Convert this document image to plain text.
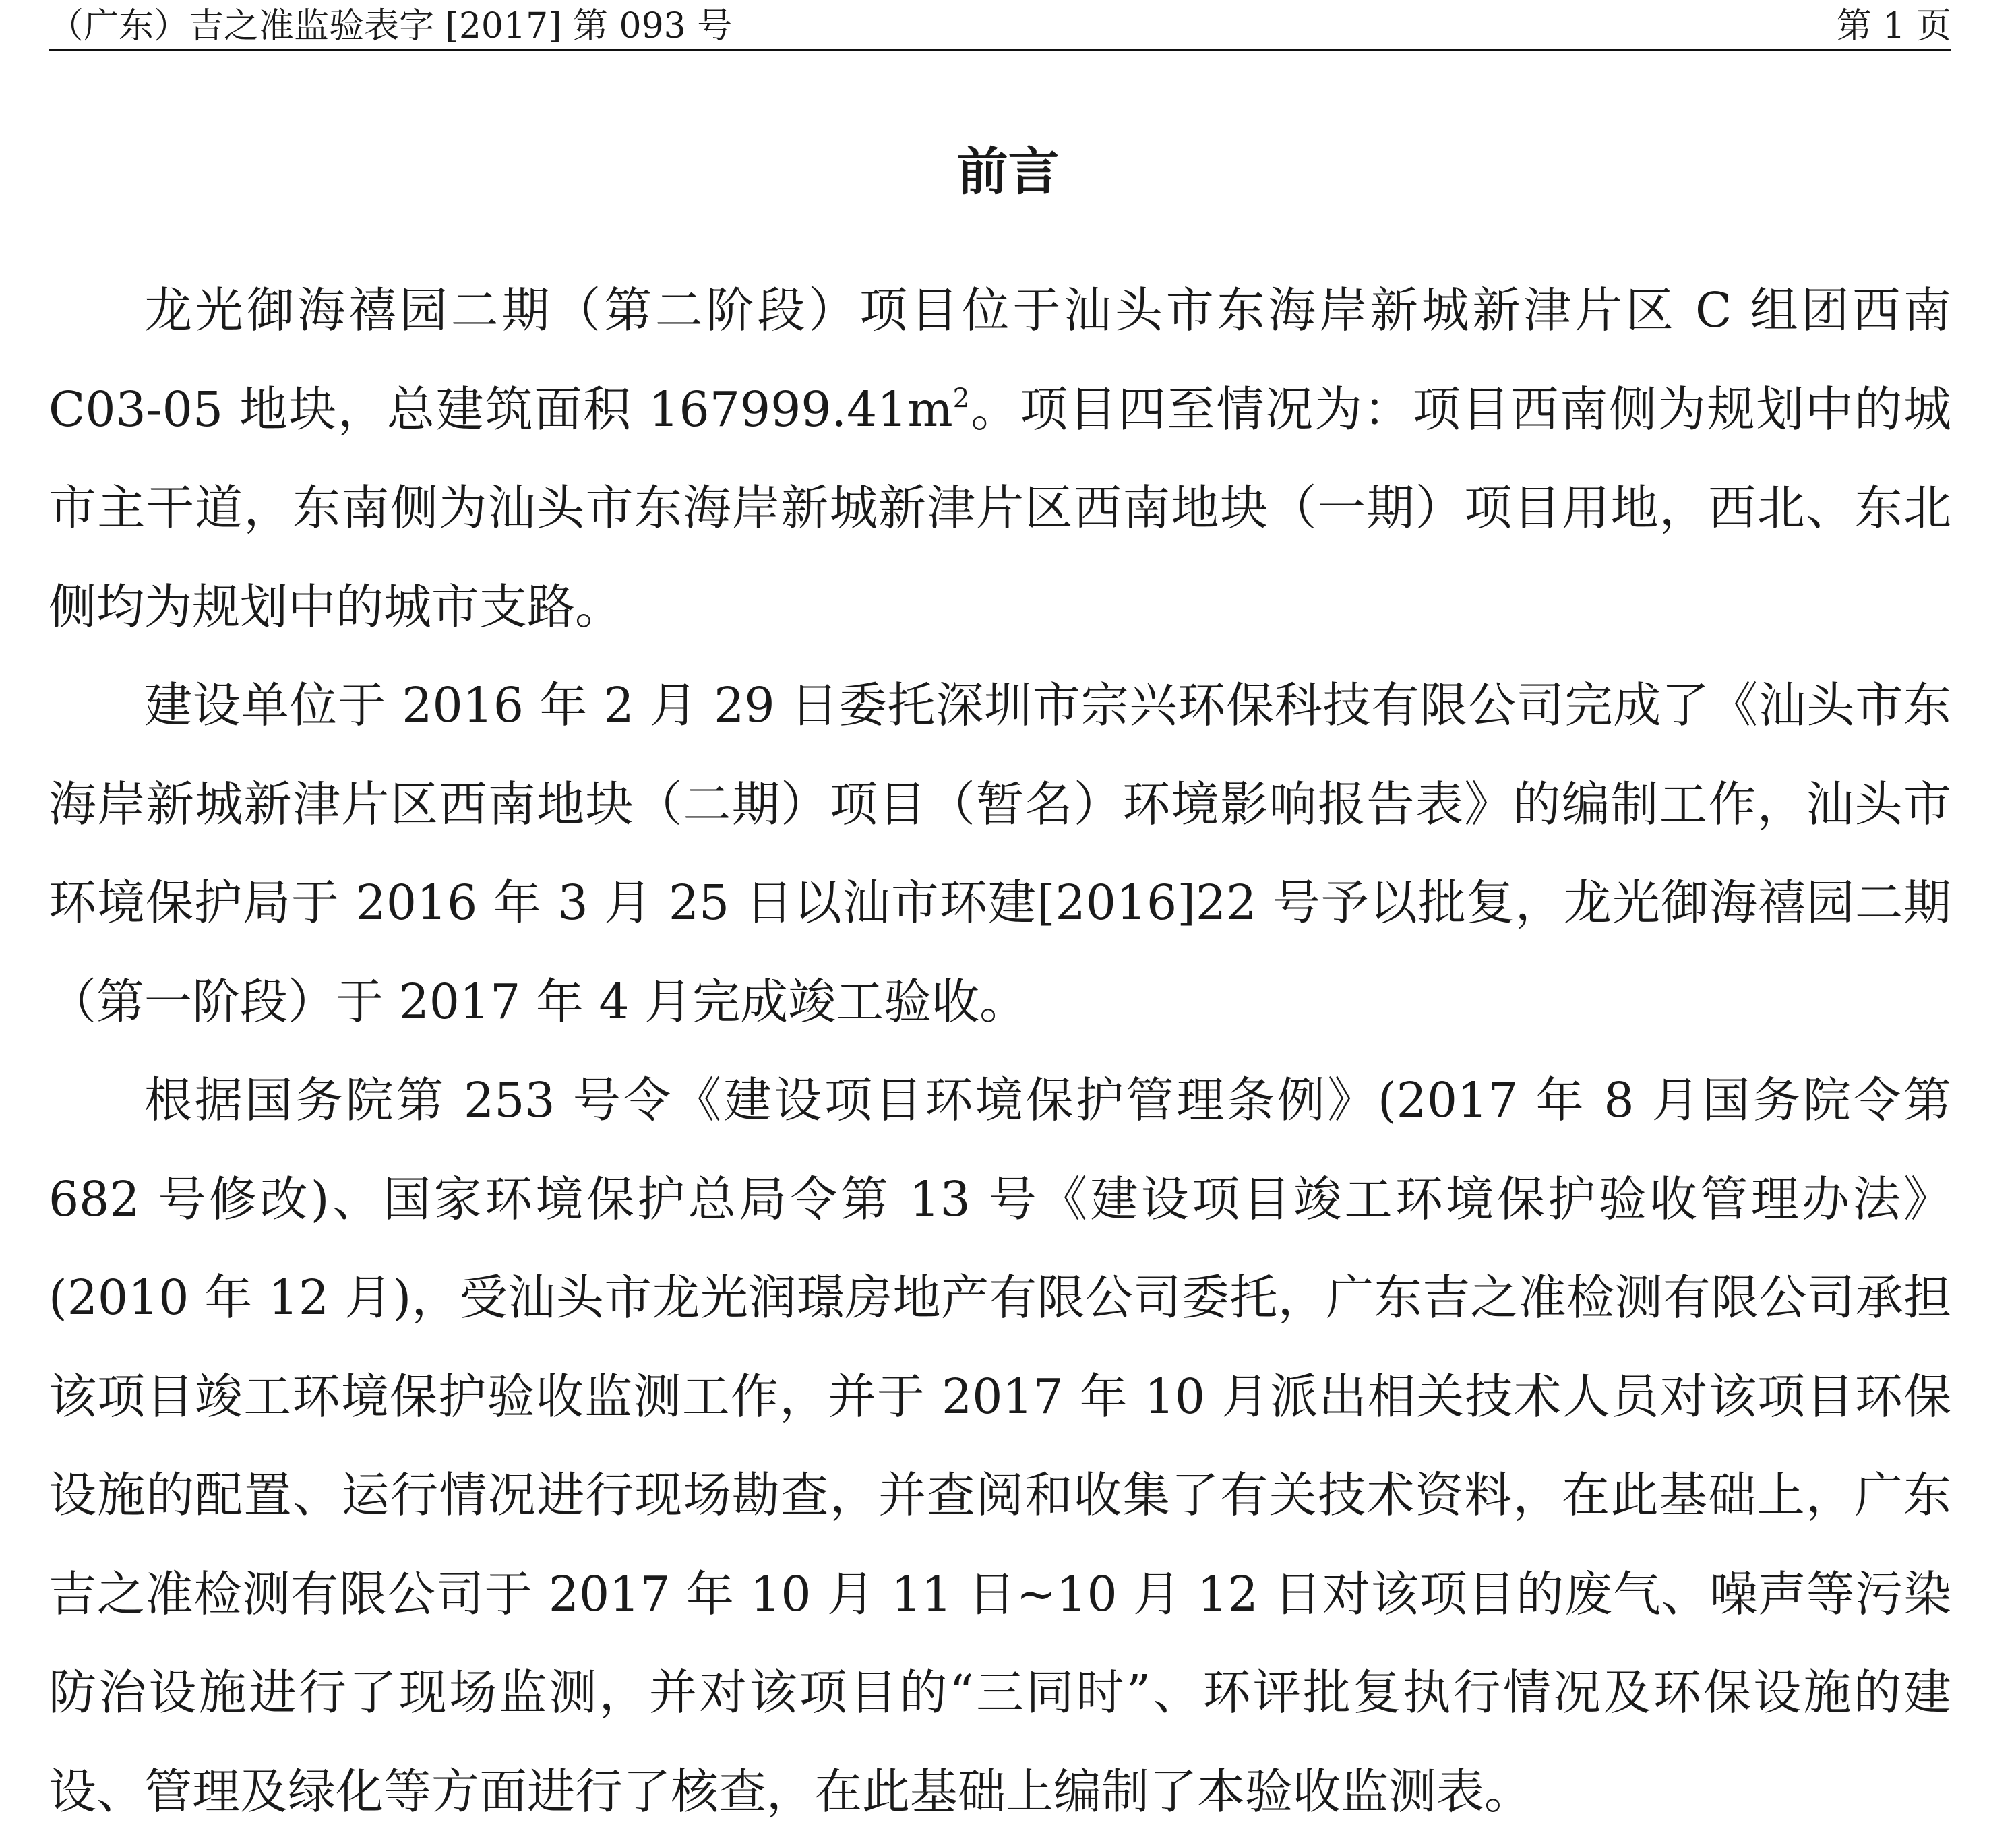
（广东）吉之准监验表字 [2017] 第 093 号	第 1 页
前言

龙光御海禧园二期（第二阶段）项目位于汕头市东海岸新城新津片区 C 组团西南 C03-05 地块，总建筑面积 $167999.41m^2$。项目四至情况为：项目西南侧为规划中的城市主干道，东南侧为汕头市东海岸新城新津片区西南地块（一期）项目用地，西北、东北侧均为规划中的城市支路。

建设单位于 2016 年 2 月 29 日委托深圳市宗兴环保科技有限公司完成了《汕头市东海岸新城新津片区西南地块（二期）项目（暂名）环境影响报告表》的编制工作，汕头市环境保护局于 2016 年 3 月 25 日以汕市环建[2016]22 号予以批复，龙光御海禧园二期（第一阶段）于 2017 年 4 月完成竣工验收。

根据国务院第 253 号令《建设项目环境保护管理条例》(2017 年 8 月国务院令第 682 号修改)、国家环境保护总局令第 13 号《建设项目竣工环境保护验收管理办法》(2010 年 12 月)，受汕头市龙光润璟房地产有限公司委托，广东吉之准检测有限公司承担该项目竣工环境保护验收监测工作，并于 2017 年 10 月派出相关技术人员对该项目环保设施的配置、运行情况进行现场勘查，并查阅和收集了有关技术资料，在此基础上，广东吉之准检测有限公司于 2017 年 10 月 11 日~10 月 12 日对该项目的废气、噪声等污染防治设施进行了现场监测，并对该项目的“三同时”、环评批复执行情况及环保设施的建设、管理及绿化等方面进行了核查，在此基础上编制了本验收监测表。
